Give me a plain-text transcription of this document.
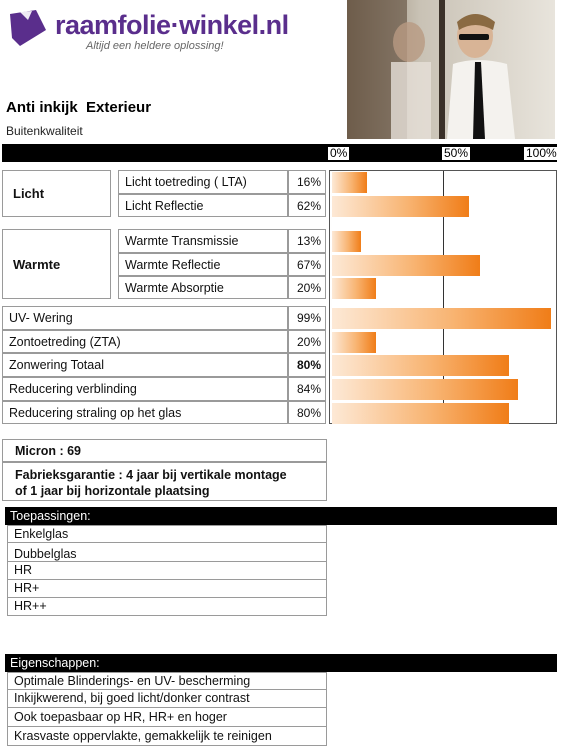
raamfolie·winkel.nl
Altijd een heldere oplossing!
Anti inkijk  Exterieur
Buitenkwaliteit
0%	50%	100%
Licht
Warmte
Licht toetreding ( LTA)	16%
Licht Reflectie	62%
Warmte Transmissie	13%
Warmte Reflectie	67%
Warmte Absorptie	20%
UV- Wering	99%
Zontoetreding (ZTA)	20%
Zonwering Totaal	80%
Reducering verblinding	84%
Reducering straling op het glas	80%
Micron : 69
Fabrieksgarantie : 4 jaar bij vertikale montage
of 1 jaar bij horizontale plaatsing
Toepassingen:
Enkelglas
Dubbelglas
HR
HR+
HR++
Eigenschappen:
Optimale Blinderings- en UV- bescherming
Inkijkwerend, bij goed licht/donker contrast
Ook toepasbaar op HR, HR+ en hoger
Krasvaste oppervlakte, gemakkelijk te reinigen
